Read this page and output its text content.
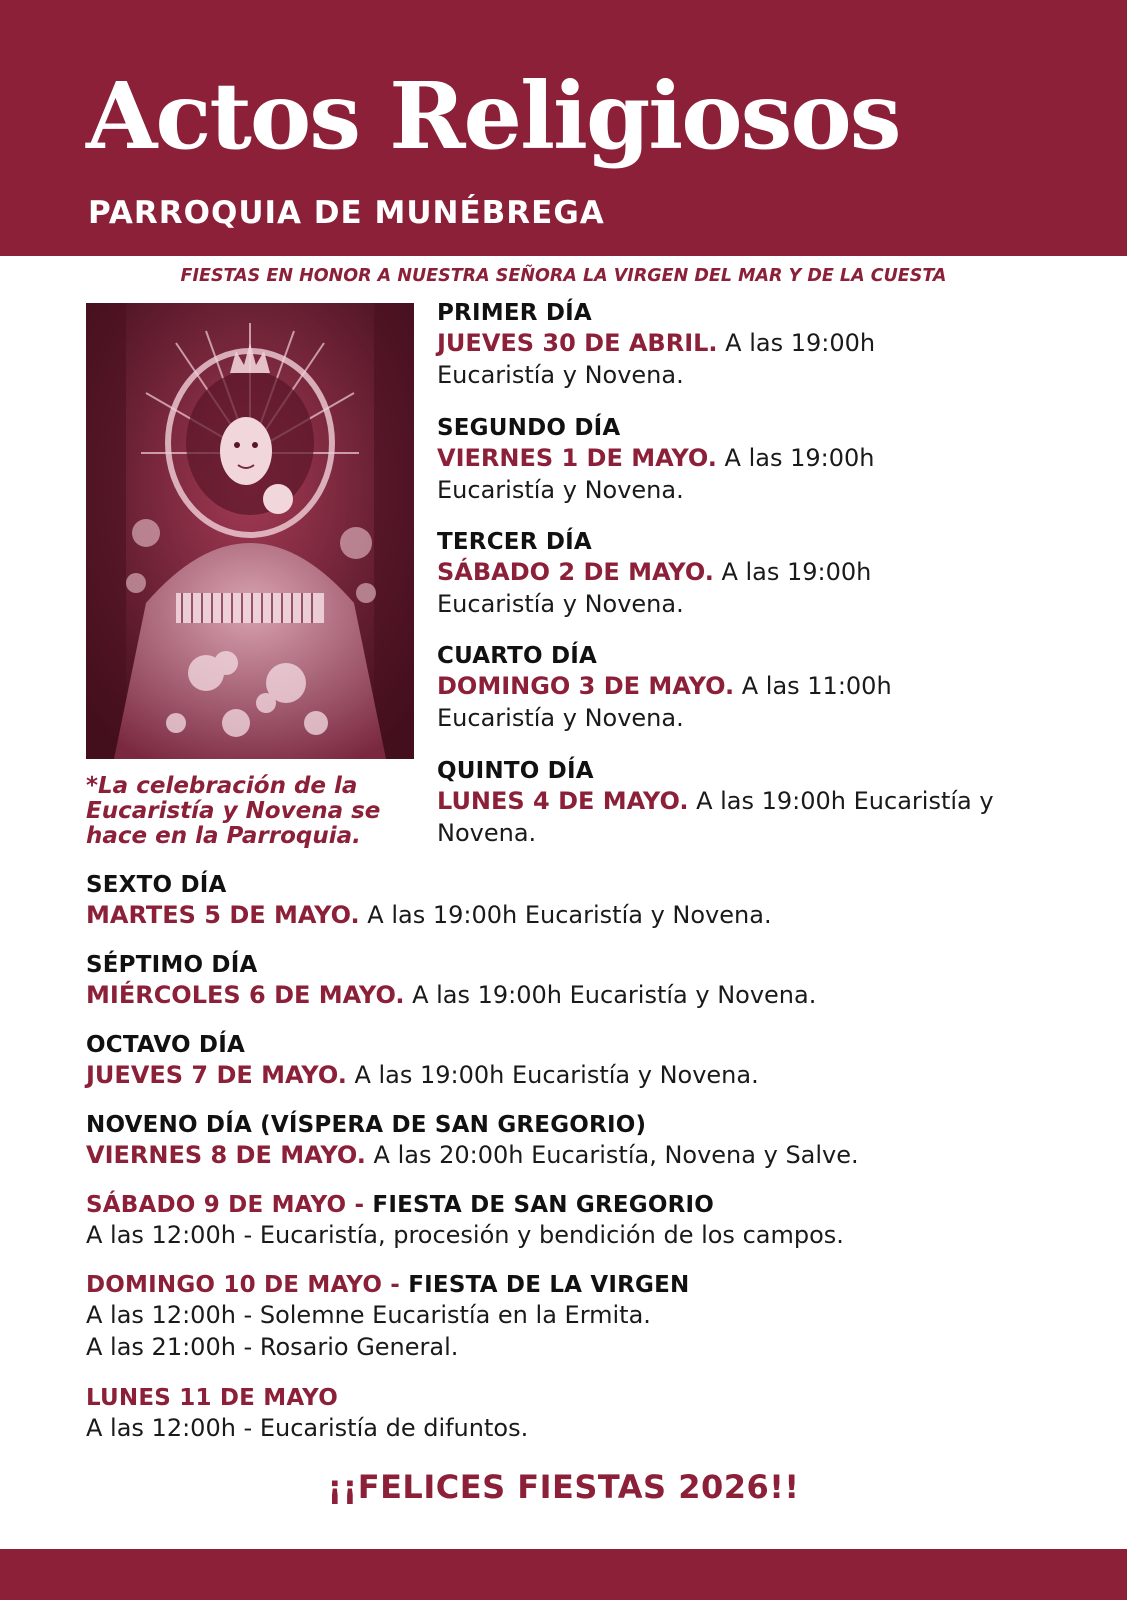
Actos Religiosos
PARROQUIA DE MUNÉBREGA
FIESTAS EN HONOR A NUESTRA SEÑORA LA VIRGEN DEL MAR Y DE LA CUESTA
*La celebración de la
Eucaristía y Novena se
hace en la Parroquia.
PRIMER DÍA
JUEVES 30 DE ABRIL. A las 19:00h
Eucaristía y Novena.
SEGUNDO DÍA
VIERNES 1 DE MAYO. A las 19:00h
Eucaristía y Novena.
TERCER DÍA
SÁBADO 2 DE MAYO. A las 19:00h
Eucaristía y Novena.
CUARTO DÍA
DOMINGO 3 DE MAYO. A las 11:00h
Eucaristía y Novena.
QUINTO DÍA
LUNES 4 DE MAYO. A las 19:00h Eucaristía y
Novena.
SEXTO DÍA
MARTES 5 DE MAYO. A las 19:00h Eucaristía y Novena.
SÉPTIMO DÍA
MIÉRCOLES 6 DE MAYO. A las 19:00h Eucaristía y Novena.
OCTAVO DÍA
JUEVES 7 DE MAYO. A las 19:00h Eucaristía y Novena.
NOVENO DÍA (VÍSPERA DE SAN GREGORIO)
VIERNES 8 DE MAYO. A las 20:00h Eucaristía, Novena y Salve.
SÁBADO 9 DE MAYO - FIESTA DE SAN GREGORIO
A las 12:00h - Eucaristía, procesión y bendición de los campos.
DOMINGO 10 DE MAYO - FIESTA DE LA VIRGEN
A las 12:00h - Solemne Eucaristía en la Ermita.
A las 21:00h - Rosario General.
LUNES 11 DE MAYO
A las 12:00h - Eucaristía de difuntos.
¡¡FELICES FIESTAS 2026!!
